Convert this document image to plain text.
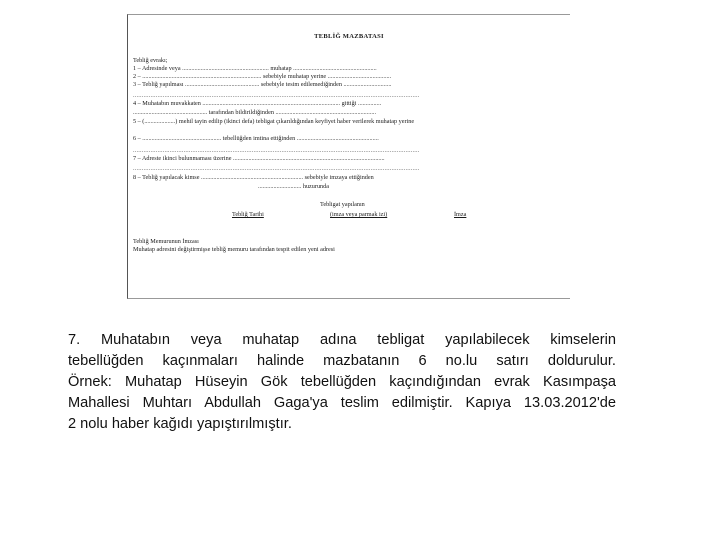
TEBLİĞ MAZBATASI
Tebliğ evrakı;
1 – Adresinde veya ........................................................ muhatap ......................................................
2 – ............................................................................. sebebiyle muhatap yerine .........................................
3 – Tebliğ yapılması ................................................ sebebiyle tesim edilemediğinden ...............................
....................................................................................................................................................................
4 – Muhatabın muvakkaten ......................................................................................... gittiği ...............
................................................ tarafından bildirildiğinden .................................................................
5 – (....................) mehil tayin edilip (ikinci defa) tebligat çıkarıldığından keyfiyet haber verilerek muhatap yerine
6 – ................................................... tebellüğden imtina ettiğinden .....................................................
....................................................................................................................................................................
7 – Adreste ikinci bulunmaması üzerine ..................................................................................................
....................................................................................................................................................................
8 – Tebliğ yapılacak kimse .................................................................. sebebiyle imzaya ettiğinden
............................ huzurunda
Tebligat yapılanın
Tebliğ Tarihi	(imza veya parmak izi)	İmza
Tebliğ Memurunun İmzası
Muhatap adresini değiştirmişse tebliğ memuru tarafından tespit edilen yeni adresi

7. Muhatabın veya muhatap adına tebligat yapılabilecek kimselerin

tebellüğden kaçınmaları halinde mazbatanın 6 no.lu satırı doldurulur.

Örnek: Muhatap Hüseyin Gök tebellüğden kaçındığından evrak Kasımpaşa

Mahallesi Muhtarı Abdullah Gaga'ya teslim edilmiştir. Kapıya 13.03.2012'de

2 nolu haber kağıdı yapıştırılmıştır.
